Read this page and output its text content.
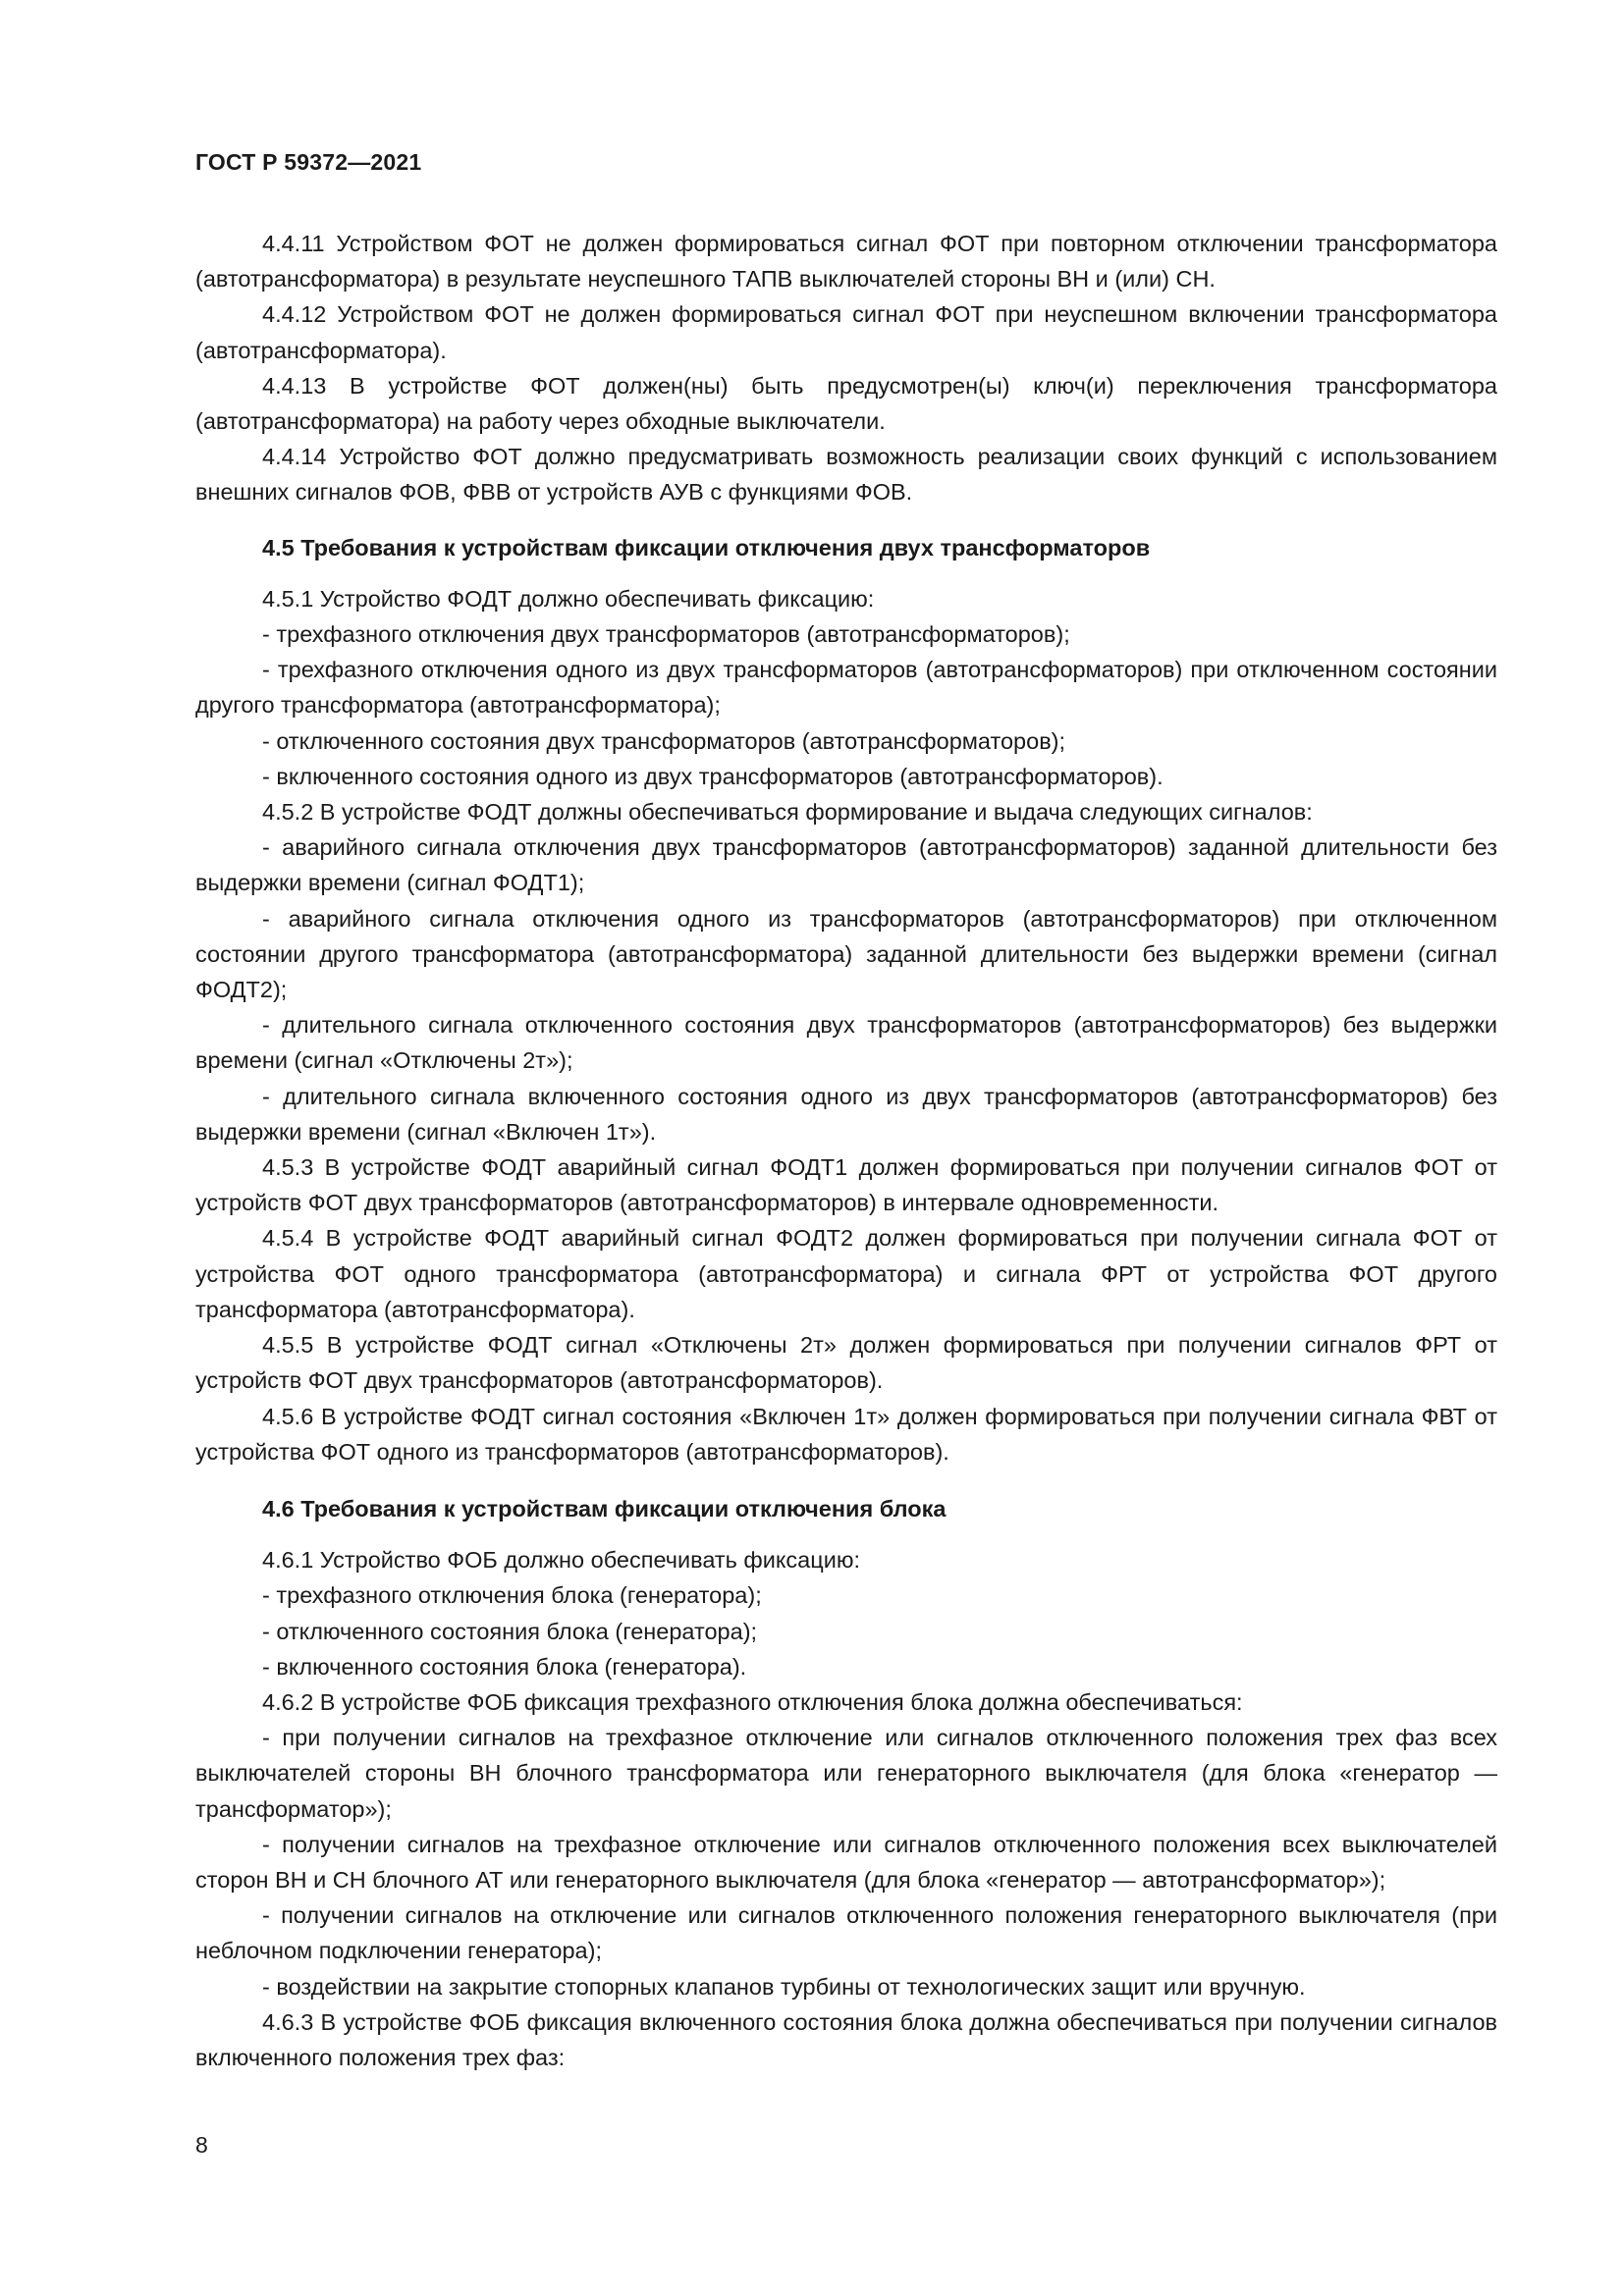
ГОСТ Р 59372—2021

4.4.11 Устройством ФОТ не должен формироваться сигнал ФОТ при повторном отключении трансформатора (автотрансформатора) в результате неуспешного ТАПВ выключателей стороны ВН и (или) СН.

4.4.12 Устройством ФОТ не должен формироваться сигнал ФОТ при неуспешном включении трансформатора (автотрансформатора).

4.4.13 В устройстве ФОТ должен(ны) быть предусмотрен(ы) ключ(и) переключения трансформатора (автотрансформатора) на работу через обходные выключатели.

4.4.14 Устройство ФОТ должно предусматривать возможность реализации своих функций с использованием внешних сигналов ФОВ, ФВВ от устройств АУВ с функциями ФОВ.

4.5 Требования к устройствам фиксации отключения двух трансформаторов

4.5.1 Устройство ФОДТ должно обеспечивать фиксацию:

- трехфазного отключения двух трансформаторов (автотрансформаторов);

- трехфазного отключения одного из двух трансформаторов (автотрансформаторов) при отключенном состоянии другого трансформатора (автотрансформатора);

- отключенного состояния двух трансформаторов (автотрансформаторов);

- включенного состояния одного из двух трансформаторов (автотрансформаторов).

4.5.2 В устройстве ФОДТ должны обеспечиваться формирование и выдача следующих сигналов:

- аварийного сигнала отключения двух трансформаторов (автотрансформаторов) заданной длительности без выдержки времени (сигнал ФОДТ1);

- аварийного сигнала отключения одного из трансформаторов (автотрансформаторов) при отключенном состоянии другого трансформатора (автотрансформатора) заданной длительности без выдержки времени (сигнал ФОДТ2);

- длительного сигнала отключенного состояния двух трансформаторов (автотрансформаторов) без выдержки времени (сигнал «Отключены 2т»);

- длительного сигнала включенного состояния одного из двух трансформаторов (автотрансформаторов) без выдержки времени (сигнал «Включен 1т»).

4.5.3 В устройстве ФОДТ аварийный сигнал ФОДТ1 должен формироваться при получении сигналов ФОТ от устройств ФОТ двух трансформаторов (автотрансформаторов) в интервале одновременности.

4.5.4 В устройстве ФОДТ аварийный сигнал ФОДТ2 должен формироваться при получении сигнала ФОТ от устройства ФОТ одного трансформатора (автотрансформатора) и сигнала ФРТ от устройства ФОТ другого трансформатора (автотрансформатора).

4.5.5 В устройстве ФОДТ сигнал «Отключены 2т» должен формироваться при получении сигналов ФРТ от устройств ФОТ двух трансформаторов (автотрансформаторов).

4.5.6 В устройстве ФОДТ сигнал состояния «Включен 1т» должен формироваться при получении сигнала ФВТ от устройства ФОТ одного из трансформаторов (автотрансформаторов).

4.6 Требования к устройствам фиксации отключения блока

4.6.1 Устройство ФОБ должно обеспечивать фиксацию:

- трехфазного отключения блока (генератора);

- отключенного состояния блока (генератора);

- включенного состояния блока (генератора).

4.6.2 В устройстве ФОБ фиксация трехфазного отключения блока должна обеспечиваться:

- при получении сигналов на трехфазное отключение или сигналов отключенного положения трех фаз всех выключателей стороны ВН блочного трансформатора или генераторного выключателя (для блока «генератор — трансформатор»);

- получении сигналов на трехфазное отключение или сигналов отключенного положения всех выключателей сторон ВН и СН блочного АТ или генераторного выключателя (для блока «генератор — автотрансформатор»);

- получении сигналов на отключение или сигналов отключенного положения генераторного выключателя (при неблочном подключении генератора);

- воздействии на закрытие стопорных клапанов турбины от технологических защит или вручную.

4.6.3 В устройстве ФОБ фиксация включенного состояния блока должна обеспечиваться при получении сигналов включенного положения трех фаз:

8
